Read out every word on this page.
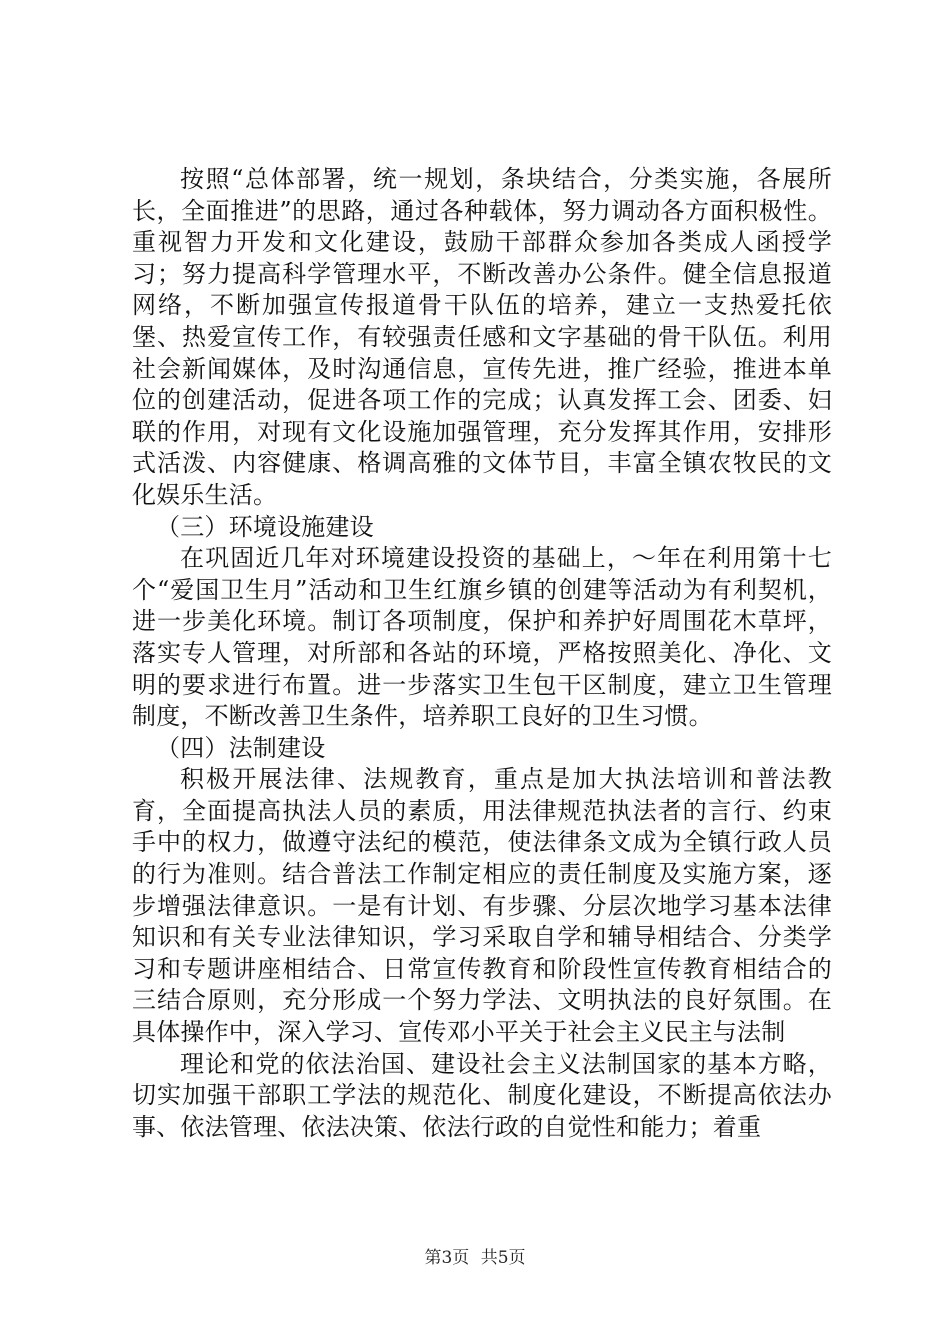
按照“总体部署，统一规划，条块结合，分类实施，各展所长，全面推进”的思路，通过各种载体，努力调动各方面积极性。重视智力开发和文化建设，鼓励干部群众参加各类成人函授学习；努力提高科学管理水平，不断改善办公条件。健全信息报道网络，不断加强宣传报道骨干队伍的培养，建立一支热爱托依堡、热爱宣传工作，有较强责任感和文字基础的骨干队伍。利用社会新闻媒体，及时沟通信息，宣传先进，推广经验，推进本单位的创建活动，促进各项工作的完成；认真发挥工会、团委、妇联的作用，对现有文化设施加强管理，充分发挥其作用，安排形式活泼、内容健康、格调高雅的文体节目，丰富全镇农牧民的文化娱乐生活。

（三）环境设施建设

在巩固近几年对环境建设投资的基础上，～年在利用第十七个“爱国卫生月”活动和卫生红旗乡镇的创建等活动为有利契机，进一步美化环境。制订各项制度，保护和养护好周围花木草坪，落实专人管理，对所部和各站的环境，严格按照美化、净化、文明的要求进行布置。进一步落实卫生包干区制度，建立卫生管理制度，不断改善卫生条件，培养职工良好的卫生习惯。

（四）法制建设

积极开展法律、法规教育，重点是加大执法培训和普法教育，全面提高执法人员的素质，用法律规范执法者的言行、约束手中的权力，做遵守法纪的模范，使法律条文成为全镇行政人员的行为准则。结合普法工作制定相应的责任制度及实施方案，逐步增强法律意识。一是有计划、有步骤、分层次地学习基本法律知识和有关专业法律知识，学习采取自学和辅导相结合、分类学习和专题讲座相结合、日常宣传教育和阶段性宣传教育相结合的三结合原则，充分形成一个努力学法、文明执法的良好氛围。在具体操作中，深入学习、宣传邓小平关于社会主义民主与法制

理论和党的依法治国、建设社会主义法制国家的基本方略，切实加强干部职工学法的规范化、制度化建设，不断提高依法办事、依法管理、依法决策、依法行政的自觉性和能力；着重

第3页 共5页
